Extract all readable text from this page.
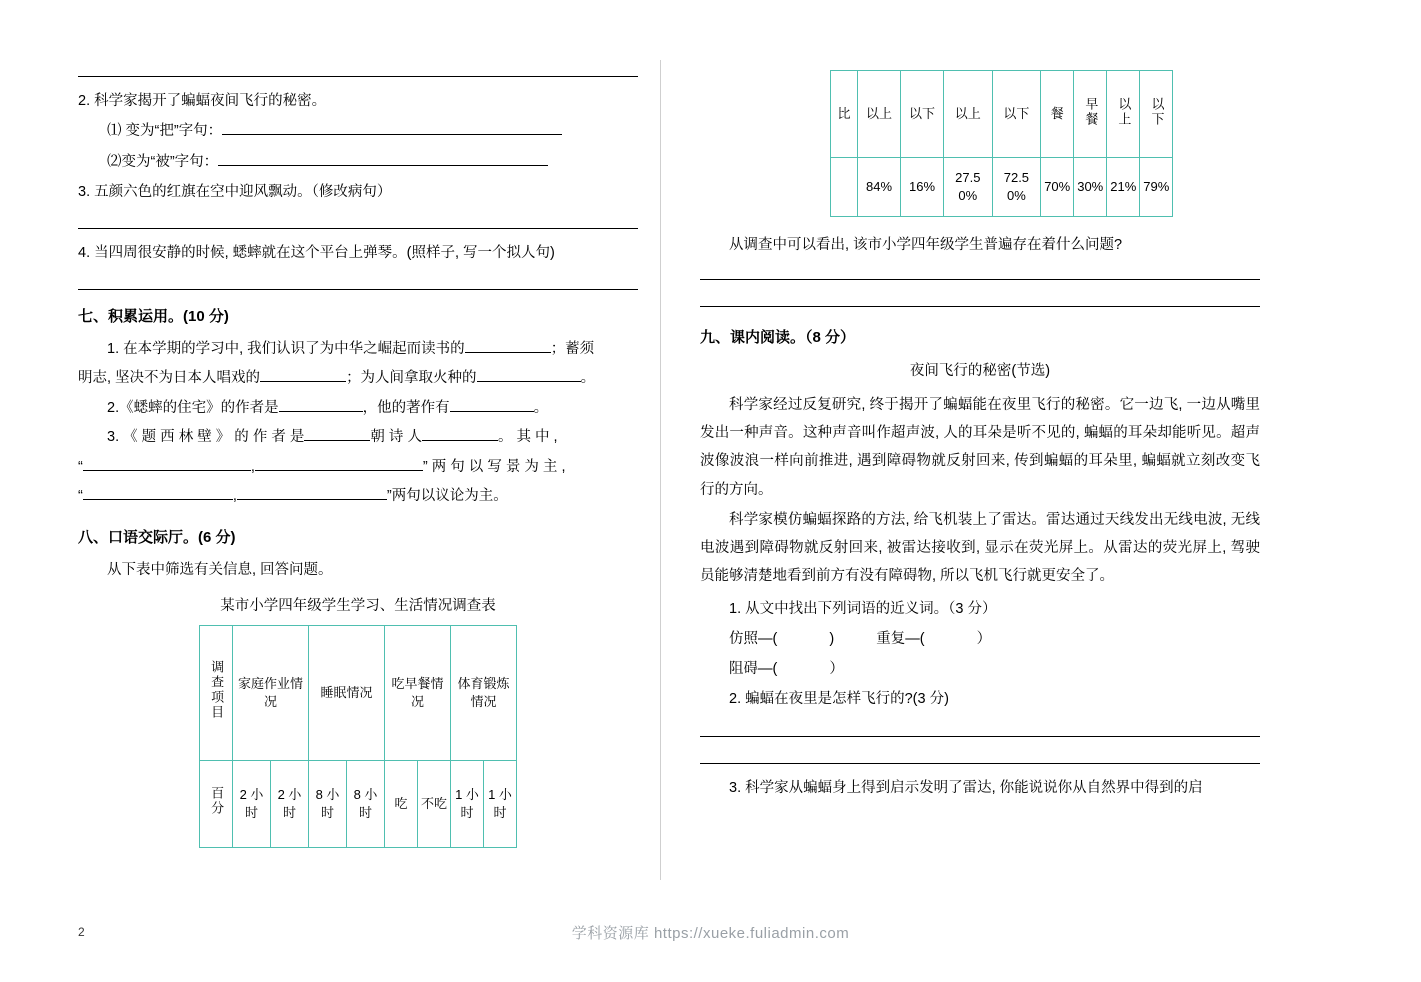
2. 科学家揭开了蝙蝠夜间飞行的秘密。
⑴ 变为“把”字句：
⑵变为“被”字句：
3. 五颜六色的红旗在空中迎风飘动。（修改病句）
4. 当四周很安静的时候, 蟋蟀就在这个平台上弹琴。(照样子, 写一个拟人句)
七、积累运用。(10 分)
1. 在本学期的学习中, 我们认识了为中华之崛起而读书的	；蓄须
明志, 坚决不为日本人唱戏的	；为人间拿取火种的	。
2.《蟋蟀的住宅》的作者是	，他的著作有	。
3. 《 题 西 林 壁 》 的 作 者 是	朝 诗 人	。 其 中 ,
“	,	” 两 句 以 写 景 为 主 ,
“	,	”两句以议论为主。
八、口语交际厅。(6 分)
从下表中筛选有关信息, 回答问题。
某市小学四年级学生学习、生活情况调查表
调查项目	家庭作业情况		睡眠情况		吃早餐情况		体育锻炼情况	
百分	2 小时	2 小时	8 小时	8 小时	吃	不吃	1 小时	1 小时
比	以上	以下	以上	以下	餐	早餐	以上	以下
	84%	16%	27.50%	72.50%	70%	30%	21%	79%
从调查中可以看出, 该市小学四年级学生普遍存在着什么问题?
九、课内阅读。（8 分）
夜间飞行的秘密(节选)
科学家经过反复研究, 终于揭开了蝙蝠能在夜里飞行的秘密。它一边飞, 一边从嘴里发出一种声音。这种声音叫作超声波, 人的耳朵是听不见的, 蝙蝠的耳朵却能听见。超声波像波浪一样向前推进, 遇到障碍物就反射回来, 传到蝙蝠的耳朵里, 蝙蝠就立刻改变飞行的方向。
科学家模仿蝙蝠探路的方法, 给飞机装上了雷达。雷达通过天线发出无线电波, 无线电波遇到障碍物就反射回来, 被雷达接收到, 显示在荧光屏上。从雷达的荧光屏上, 驾驶员能够清楚地看到前方有没有障碍物, 所以飞机飞行就更安全了。
1. 从文中找出下列词语的近义词。（3 分）
仿照—(	)	重复—(	）
阻碍—(	）
2. 蝙蝠在夜里是怎样飞行的?(3 分)
3. 科学家从蝙蝠身上得到启示发明了雷达, 你能说说你从自然界中得到的启
2	学科资源库 https://xueke.fuliadmin.com
